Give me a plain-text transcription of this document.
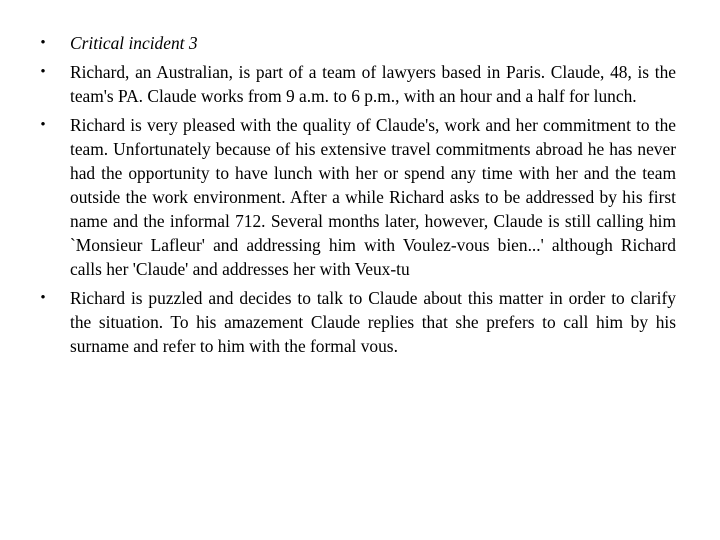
• Critical incident 3
• Richard, an Australian, is part of a team of lawyers based in Paris. Claude, 48, is the team's PA. Claude works from 9 a.m. to 6 p.m., with an hour and a half for lunch.
• Richard is very pleased with the quality of Claude's, work and her commitment to the team. Unfortunately because of his extensive travel commitments abroad he has never had the opportunity to have lunch with her or spend any time with her and the team outside the work environment. After a while Richard asks to be addressed by his first name and the informal 712. Several months later, however, Claude is still calling him `Monsieur Lafleur' and addressing him with Voulez-vous bien...' although Richard calls her 'Claude' and addresses her with Veux-tu
• Richard is puzzled and decides to talk to Claude about this matter in order to clarify the situation. To his amazement Claude replies that she prefers to call him by his surname and refer to him with the formal vous.
